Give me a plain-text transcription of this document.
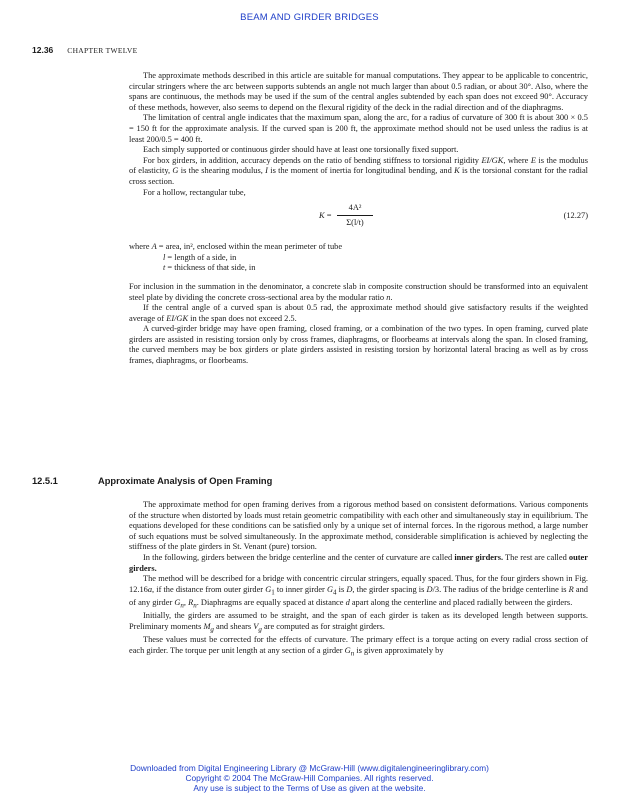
BEAM AND GIRDER BRIDGES
12.36 CHAPTER TWELVE

The approximate methods described in this article are suitable for manual computations. They appear to be applicable to concentric, circular stringers where the arc between supports subtends an angle not much larger than about 0.5 radian, or about 30°. Also, where the spans are continuous, the methods may be used if the sum of the central angles subtended by each span does not exceed 90°. Accuracy of these methods, however, also seems to depend on the flexural rigidity of the deck in the radial direction and of the diaphragms.

The limitation of central angle indicates that the maximum span, along the arc, for a radius of curvature of 300 ft is about 300 × 0.5 = 150 ft for the approximate analysis. If the curved span is 200 ft, the approximate method should not be used unless the radius is at least 200/0.5 = 400 ft.

Each simply supported or continuous girder should have at least one torsionally fixed support.

For box girders, in addition, accuracy depends on the ratio of bending stiffness to torsional rigidity EI/GK, where E is the modulus of elasticity, G is the shearing modulus, I is the moment of inertia for longitudinal bending, and K is the torsional constant for the radial cross section.

For a hollow, rectangular tube,

K =
4A²
Σ(l/t)
(12.27)

where A = area, in², enclosed within the mean perimeter of tube

l = length of a side, in

t = thickness of that side, in

For inclusion in the summation in the denominator, a concrete slab in composite construction should be transformed into an equivalent steel plate by dividing the concrete cross-sectional area by the modular ratio n.

If the central angle of a curved span is about 0.5 rad, the approximate method should give satisfactory results if the weighted average of EI/GK in the span does not exceed 2.5.

A curved-girder bridge may have open framing, closed framing, or a combination of the two types. In open framing, curved plate girders are assisted in resisting torsion only by cross frames, diaphragms, or floorbeams at intervals along the span. In closed framing, the curved members may be box girders or plate girders assisted in resisting torsion by horizontal lateral bracing as well as by cross frames, diaphragms, or floorbeams.

12.5.1	Approximate Analysis of Open Framing

The approximate method for open framing derives from a rigorous method based on consistent deformations. Various components of the structure when distorted by loads must retain geometric compatibility with each other and simultaneously stay in equilibrium. The equations developed for these conditions can be satisfied only by a unique set of internal forces. In the rigorous method, a large number of such equations must be solved simultaneously. In the approximate method, considerable simplification is achieved by neglecting the stiffness of the plate girders in St. Venant (pure) torsion.

In the following, girders between the bridge centerline and the center of curvature are called inner girders. The rest are called outer girders.

The method will be described for a bridge with concentric circular stringers, equally spaced. Thus, for the four girders shown in Fig. 12.16a, if the distance from outer girder $G_1$ to inner girder $G_4$ is D, the girder spacing is D/3. The radius of the bridge centerline is R and of any girder $G_n$, $R_n$. Diaphragms are equally spaced at distance d apart along the centerline and placed radially between the girders.

Initially, the girders are assumed to be straight, and the span of each girder is taken as its developed length between supports. Preliminary moments $M_g$ and shears $V_g$ are computed as for straight girders.

These values must be corrected for the effects of curvature. The primary effect is a torque acting on every radial cross section of each girder. The torque per unit length at any section of a girder $G_n$ is given approximately by

Downloaded from Digital Engineering Library @ McGraw-Hill (www.digitalengineeringlibrary.com)
Copyright © 2004 The McGraw-Hill Companies. All rights reserved.
Any use is subject to the Terms of Use as given at the website.
